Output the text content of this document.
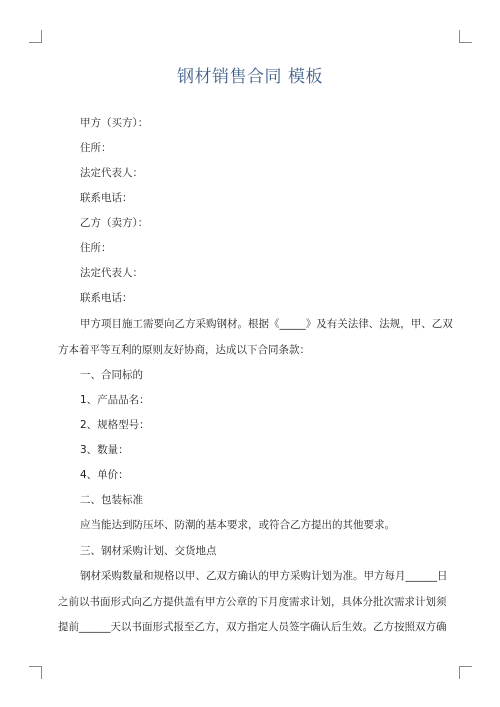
钢材销售合同 模板
甲方（买方）：
住所：
法定代表人：
联系电话：
乙方（卖方）：
住所：
法定代表人：
联系电话：
甲方项目施工需要向乙方采购钢材。根据《_____》及有关法律、法规，甲、乙双
方本着平等互利的原则友好协商，达成以下合同条款：
一、合同标的
1、产品品名：
2、规格型号：
3、数量：
4、单价：
二、包装标准
应当能达到防压坏、防潮的基本要求，或符合乙方提出的其他要求。
三、钢材采购计划、交货地点
钢材采购数量和规格以甲、乙双方确认的甲方采购计划为准。甲方每月______日
之前以书面形式向乙方提供盖有甲方公章的下月度需求计划，具体分批次需求计划须
提前______天以书面形式报至乙方，双方指定人员签字确认后生效。乙方按照双方确
